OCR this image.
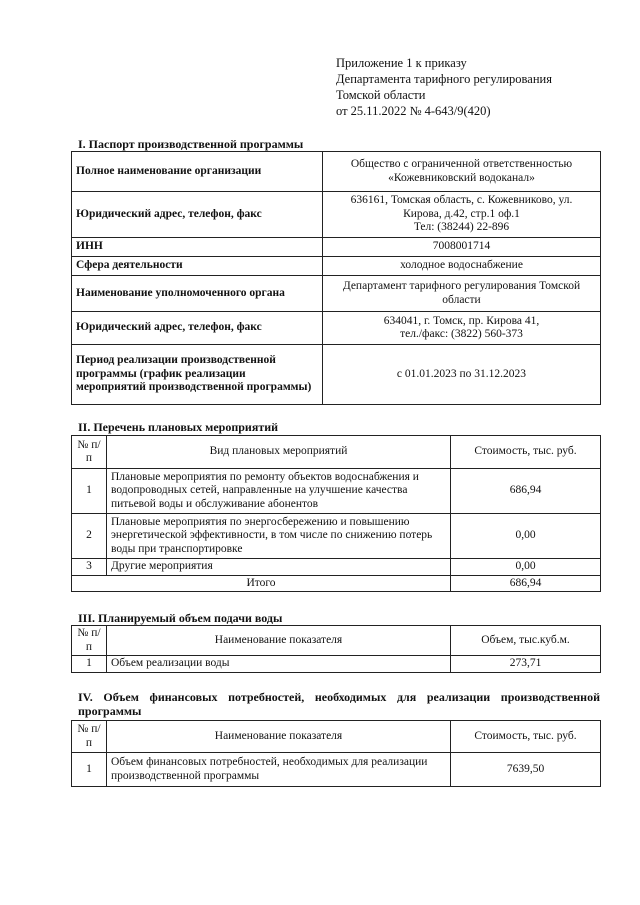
Приложение 1 к приказу
Департамента тарифного регулирования
Томской области
от 25.11.2022 № 4-643/9(420)
I. Паспорт производственной программы
Полное наименование организации	Общество с ограниченной ответственностью «Кожевниковский водоканал»
Юридический адрес, телефон, факс	636161, Томская область, с. Кожевниково, ул.
Кирова, д.42, стр.1 оф.1
Тел: (38244) 22-896

ИНН	7008001714
Сфера деятельности	холодное водоснабжение
Наименование уполномоченного органа	Департамент тарифного регулирования Томской области
Юридический адрес, телефон, факс	634041, г. Томск, пр. Кирова 41,
тел./факс: (3822) 560-373

Период реализации производственной программы (график реализации мероприятий производственной программы)	с 01.01.2023 по 31.12.2023
II. Перечень плановых мероприятий
№ п/п	Вид плановых мероприятий	Стоимость, тыс. руб.
1	Плановые мероприятия по ремонту объектов водоснабжения и водопроводных сетей, направленные на улучшение качества питьевой воды и обслуживание абонентов	686,94
2	Плановые мероприятия по энергосбережению и повышению энергетической эффективности, в том числе по снижению потерь воды при транспортировке	0,00
3	Другие мероприятия	0,00
Итого		686,94
III. Планируемый объем подачи воды
№ п/п	Наименование показателя	Объем, тыс.куб.м.
1	Объем реализации воды	273,71
IV. Объем финансовых потребностей, необходимых для реализации производственной программы
№ п/п	Наименование показателя	Стоимость, тыс. руб.
1	Объем финансовых потребностей, необходимых для реализации производственной программы	7639,50
